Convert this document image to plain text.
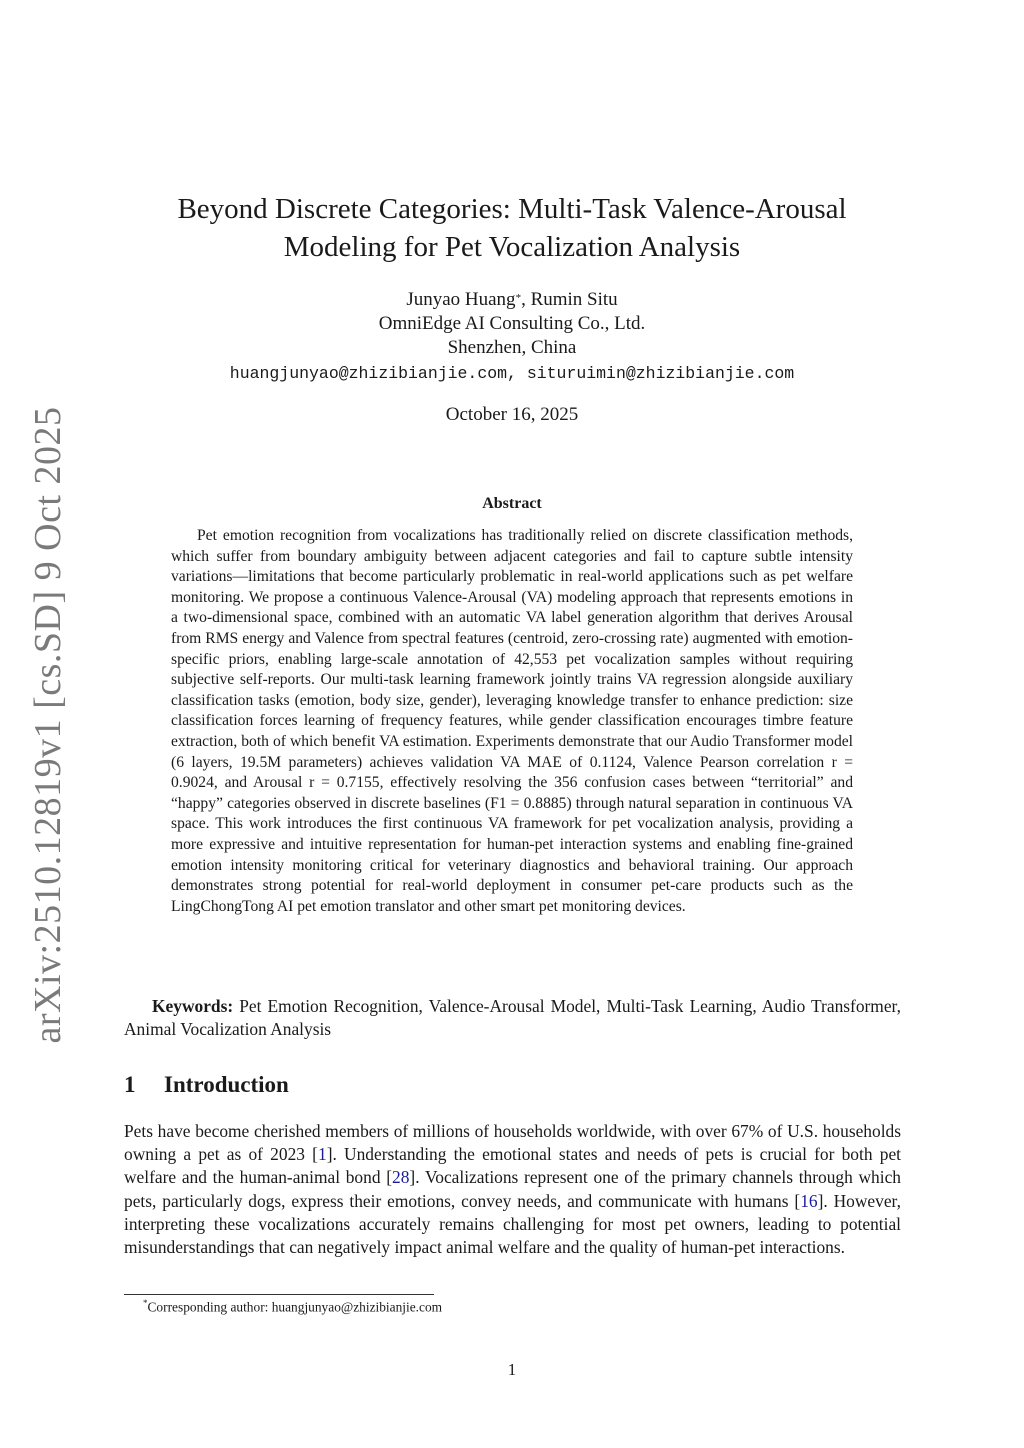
arXiv:2510.12819v1 [cs.SD] 9 Oct 2025
Beyond Discrete Categories: Multi-Task Valence-Arousal
Modeling for Pet Vocalization Analysis
Junyao Huang*, Rumin Situ
OmniEdge AI Consulting Co., Ltd.
Shenzhen, China
huangjunyao@zhizibianjie.com, situruimin@zhizibianjie.com
October 16, 2025
Abstract
Pet emotion recognition from vocalizations has traditionally relied on discrete classification methods, which suffer from boundary ambiguity between adjacent categories and fail to capture subtle intensity variations—limitations that become particularly problematic in real-world applications such as pet welfare monitoring. We propose a continuous Valence-Arousal (VA) modeling approach that represents emotions in a two-dimensional space, combined with an automatic VA label generation algorithm that derives Arousal from RMS energy and Valence from spectral features (centroid, zero-crossing rate) augmented with emotion-specific priors, enabling large-scale annotation of 42,553 pet vocalization samples without requiring subjective self-reports. Our multi-task learning framework jointly trains VA regression alongside auxiliary classification tasks (emotion, body size, gender), leveraging knowledge transfer to enhance prediction: size classification forces learning of frequency features, while gender classification encourages timbre feature extraction, both of which benefit VA estimation. Experiments demonstrate that our Audio Transformer model (6 layers, 19.5M parameters) achieves validation VA MAE of 0.1124, Valence Pearson correlation r = 0.9024, and Arousal r = 0.7155, effectively resolving the 356 confusion cases between “territorial” and “happy” categories observed in discrete baselines (F1 = 0.8885) through natural separation in continuous VA space. This work introduces the first continuous VA framework for pet vocalization analysis, providing a more expressive and intuitive representation for human-pet interaction systems and enabling fine-grained emotion intensity monitoring critical for veterinary diagnostics and behavioral training. Our approach demonstrates strong potential for real-world deployment in consumer pet-care products such as the LingChongTong AI pet emotion translator and other smart pet monitoring devices.
Keywords: Pet Emotion Recognition, Valence-Arousal Model, Multi-Task Learning, Audio Transformer, Animal Vocalization Analysis
1 Introduction
Pets have become cherished members of millions of households worldwide, with over 67% of U.S. households owning a pet as of 2023 [1]. Understanding the emotional states and needs of pets is crucial for both pet welfare and the human-animal bond [28]. Vocalizations represent one of the primary channels through which pets, particularly dogs, express their emotions, convey needs, and communicate with humans [16]. However, interpreting these vocalizations accurately remains challenging for most pet owners, leading to potential misunderstandings that can negatively impact animal welfare and the quality of human-pet interactions.
*Corresponding author: huangjunyao@zhizibianjie.com
1
